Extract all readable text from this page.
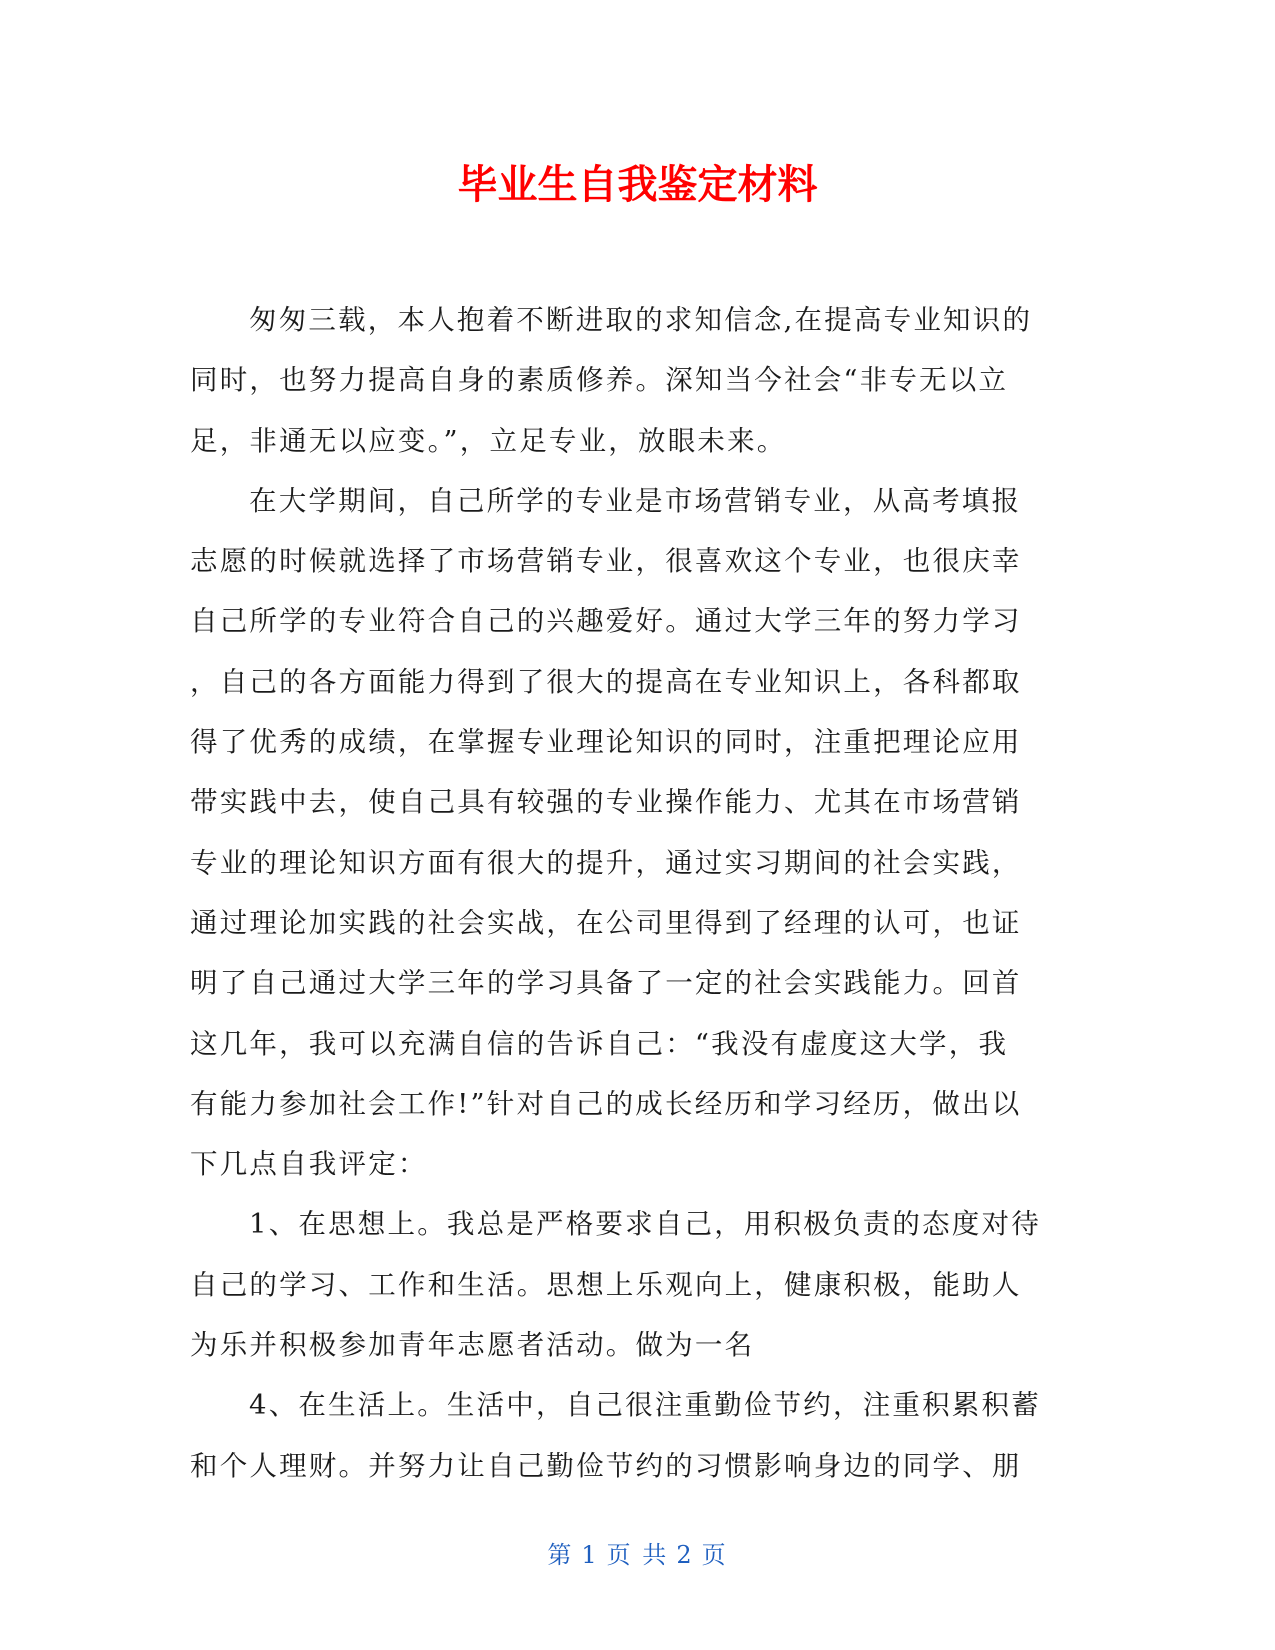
毕业生自我鉴定材料
匆匆三载，本人抱着不断进取的求知信念,在提高专业知识的
同时，也努力提高自身的素质修养。深知当今社会“非专无以立
足，非通无以应变。”，立足专业，放眼未来。
在大学期间，自己所学的专业是市场营销专业，从高考填报
志愿的时候就选择了市场营销专业，很喜欢这个专业，也很庆幸
自己所学的专业符合自己的兴趣爱好。通过大学三年的努力学习
，自己的各方面能力得到了很大的提高在专业知识上，各科都取
得了优秀的成绩，在掌握专业理论知识的同时，注重把理论应用
带实践中去，使自己具有较强的专业操作能力、尤其在市场营销
专业的理论知识方面有很大的提升，通过实习期间的社会实践，
通过理论加实践的社会实战，在公司里得到了经理的认可，也证
明了自己通过大学三年的学习具备了一定的社会实践能力。回首
这几年，我可以充满自信的告诉自己：“我没有虚度这大学，我
有能力参加社会工作!”针对自己的成长经历和学习经历，做出以
下几点自我评定：
1、在思想上。我总是严格要求自己，用积极负责的态度对待
自己的学习、工作和生活。思想上乐观向上，健康积极，能助人
为乐并积极参加青年志愿者活动。做为一名
4、在生活上。生活中，自己很注重勤俭节约，注重积累积蓄
和个人理财。并努力让自己勤俭节约的习惯影响身边的同学、朋
第 1 页 共 2 页
